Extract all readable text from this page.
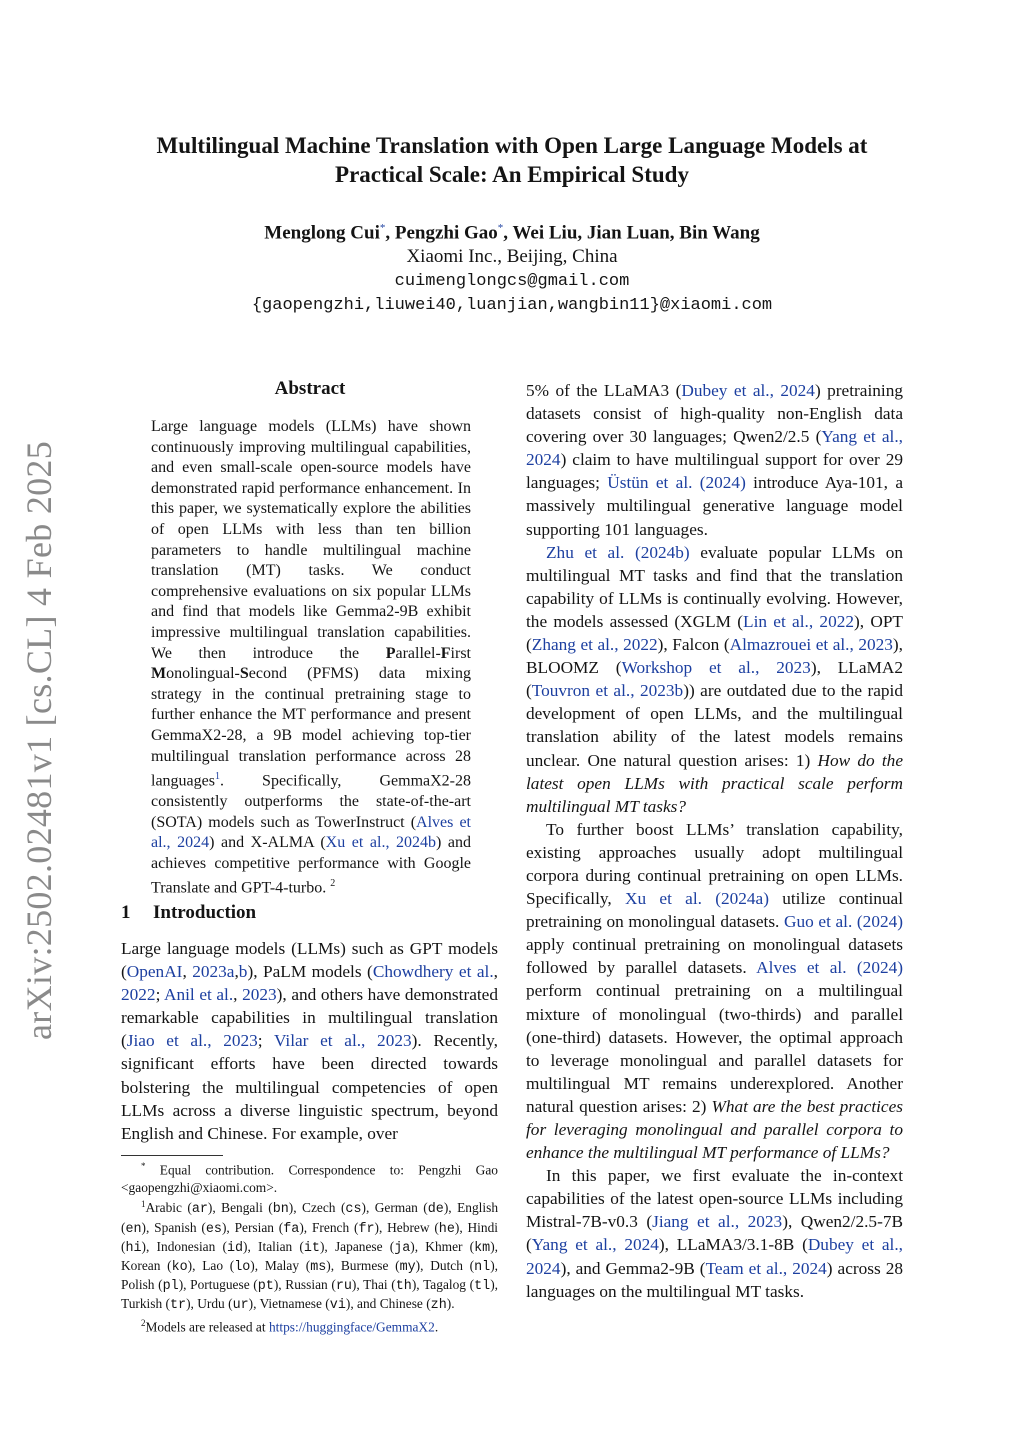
arXiv:2502.02481v1 [cs.CL] 4 Feb 2025
Multilingual Machine Translation with Open Large Language Models at
Practical Scale: An Empirical Study
Menglong Cui*, Pengzhi Gao*, Wei Liu, Jian Luan, Bin Wang
Xiaomi Inc., Beijing, China
cuimenglongcs@gmail.com
{gaopengzhi,liuwei40,luanjian,wangbin11}@xiaomi.com
Abstract
Large language models (LLMs) have shown continuously improving multilingual capabilities, and even small-scale open-source models have demonstrated rapid performance enhancement. In this paper, we systematically explore the abilities of open LLMs with less than ten billion parameters to handle multilingual machine translation (MT) tasks. We conduct comprehensive evaluations on six popular LLMs and find that models like Gemma2-9B exhibit impressive multilingual translation capabilities. We then introduce the Parallel-First Monolingual-Second (PFMS) data mixing strategy in the continual pretraining stage to further enhance the MT performance and present GemmaX2-28, a 9B model achieving top-tier multilingual translation performance across 28 languages$^1$. Specifically, GemmaX2-28 consistently outperforms the state-of-the-art (SOTA) models such as TowerInstruct (Alves et al., 2024) and X-ALMA (Xu et al., 2024b) and achieves competitive performance with Google Translate and GPT-4-turbo. $^2$
1 Introduction
Large language models (LLMs) such as GPT models (OpenAI, 2023a,b), PaLM models (Chowdhery et al., 2022; Anil et al., 2023), and others have demonstrated remarkable capabilities in multilingual translation (Jiao et al., 2023; Vilar et al., 2023). Recently, significant efforts have been directed towards bolstering the multilingual competencies of open LLMs across a diverse linguistic spectrum, beyond English and Chinese. For example, over

* Equal contribution. Correspondence to: Pengzhi Gao <gaopengzhi@xiaomi.com>.

$^1$Arabic (ar), Bengali (bn), Czech (cs), German (de), English (en), Spanish (es), Persian (fa), French (fr), Hebrew (he), Hindi (hi), Indonesian (id), Italian (it), Japanese (ja), Khmer (km), Korean (ko), Lao (lo), Malay (ms), Burmese (my), Dutch (nl), Polish (pl), Portuguese (pt), Russian (ru), Thai (th), Tagalog (tl), Turkish (tr), Urdu (ur), Vietnamese (vi), and Chinese (zh).

$^2$Models are released at https://huggingface/GemmaX2.

5% of the LLaMA3 (Dubey et al., 2024) pretraining datasets consist of high-quality non-English data covering over 30 languages; Qwen2/2.5 (Yang et al., 2024) claim to have multilingual support for over 29 languages; Üstün et al. (2024) introduce Aya-101, a massively multilingual generative language model supporting 101 languages.

Zhu et al. (2024b) evaluate popular LLMs on multilingual MT tasks and find that the translation capability of LLMs is continually evolving. However, the models assessed (XGLM (Lin et al., 2022), OPT (Zhang et al., 2022), Falcon (Almazrouei et al., 2023), BLOOMZ (Workshop et al., 2023), LLaMA2 (Touvron et al., 2023b)) are outdated due to the rapid development of open LLMs, and the multilingual translation ability of the latest models remains unclear. One natural question arises: 1) How do the latest open LLMs with practical scale perform multilingual MT tasks?

To further boost LLMs’ translation capability, existing approaches usually adopt multilingual corpora during continual pretraining on open LLMs. Specifically, Xu et al. (2024a) utilize continual pretraining on monolingual datasets. Guo et al. (2024) apply continual pretraining on monolingual datasets followed by parallel datasets. Alves et al. (2024) perform continual pretraining on a multilingual mixture of monolingual (two-thirds) and parallel (one-third) datasets. However, the optimal approach to leverage monolingual and parallel datasets for multilingual MT remains underexplored. Another natural question arises: 2) What are the best practices for leveraging monolingual and parallel corpora to enhance the multilingual MT performance of LLMs?

In this paper, we first evaluate the in-context capabilities of the latest open-source LLMs including Mistral-7B-v0.3 (Jiang et al., 2023), Qwen2/2.5-7B (Yang et al., 2024), LLaMA3/3.1-8B (Dubey et al., 2024), and Gemma2-9B (Team et al., 2024) across 28 languages on the multilingual MT tasks.
